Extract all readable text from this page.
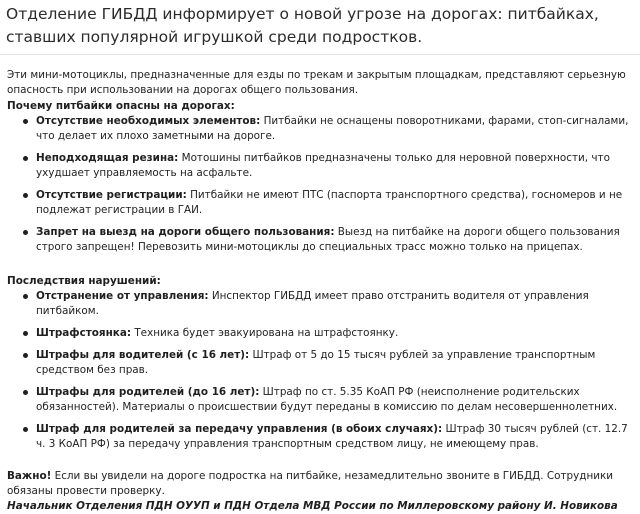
Отделение ГИБДД информирует о новой угрозе на дорогах: питбайках, ставших популярной игрушкой среди подростков.

Эти мини-мотоциклы, предназначенные для езды по трекам и закрытым площадкам, представляют серьезную опасность при использовании на дорогах общего пользования.

Почему питбайки опасны на дорогах:

Отсутствие необходимых элементов: Питбайки не оснащены поворотниками, фарами, стоп-сигналами, что делает их плохо заметными на дороге.
Неподходящая резина: Мотошины питбайков предназначены только для неровной поверхности, что ухудшает управляемость на асфальте.
Отсутствие регистрации: Питбайки не имеют ПТС (паспорта транспортного средства), госномеров и не подлежат регистрации в ГАИ.
Запрет на выезд на дороги общего пользования: Выезд на питбайке на дороги общего пользования строго запрещен! Перевозить мини-мотоциклы до специальных трасс можно только на прицепах.

Последствия нарушений:

Отстранение от управления: Инспектор ГИБДД имеет право отстранить водителя от управления питбайком.
Штрафстоянка: Техника будет эвакуирована на штрафстоянку.
Штрафы для водителей (с 16 лет): Штраф от 5 до 15 тысяч рублей за управление транспортным средством без прав.
Штрафы для родителей (до 16 лет): Штраф по ст. 5.35 КоАП РФ (неисполнение родительских обязанностей). Материалы о происшествии будут переданы в комиссию по делам несовершеннолетних.
Штраф для родителей за передачу управления (в обоих случаях): Штраф 30 тысяч рублей (ст. 12.7 ч. 3 КоАП РФ) за передачу управления транспортным средством лицу, не имеющему прав.

Важно! Если вы увидели на дороге подростка на питбайке, незамедлительно звоните в ГИБДД. Сотрудники обязаны провести проверку.

Начальник Отделения ПДН ОУУП и ПДН Отдела МВД России по Миллеровскому району И. Новикова
